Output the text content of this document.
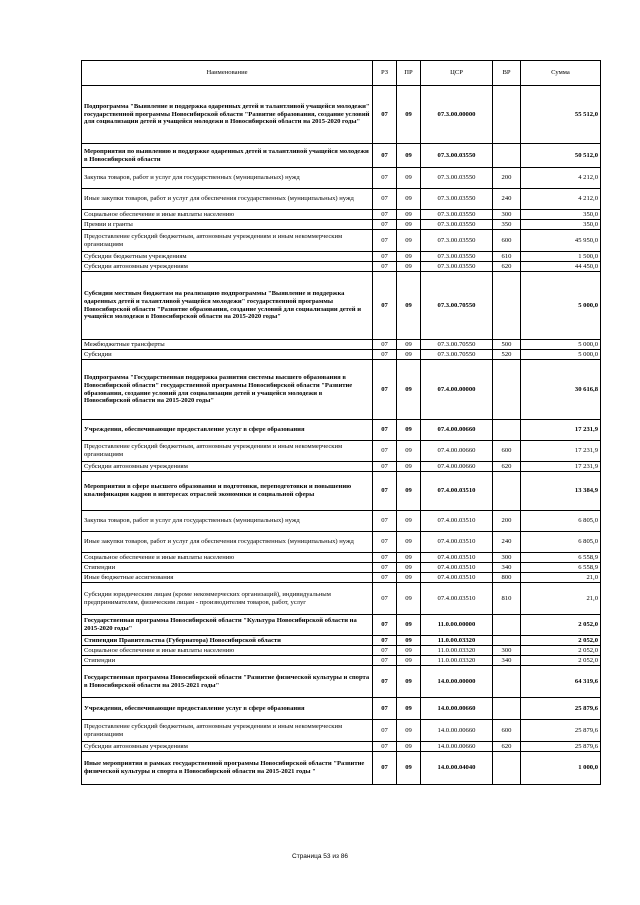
Наименование	РЗ	ПР	ЦСР	ВР	Сумма
Подпрограмма "Выявление и поддержка одаренных детей и талантливой учащейся молодежи" государственной программы Новосибирской области "Развитие образования, создание условий для социализации детей и учащейся молодежи в Новосибирской области на 2015-2020 годы"	07	09	07.3.00.00000		55 512,0
Мероприятия по выявлению и поддержке одаренных детей и талантливой учащейся молодежи в Новосибирской области	07	09	07.3.00.03550		50 512,0
Закупка товаров, работ и услуг для государственных (муниципальных) нужд	07	09	07.3.00.03550	200	4 212,0
Иные закупки товаров, работ и услуг для обеспечения государственных (муниципальных) нужд	07	09	07.3.00.03550	240	4 212,0
Социальное обеспечение и иные выплаты населению	07	09	07.3.00.03550	300	350,0
Премии и гранты	07	09	07.3.00.03550	350	350,0
Предоставление субсидий бюджетным, автономным учреждениям и иным некоммерческим организациям	07	09	07.3.00.03550	600	45 950,0
Субсидии бюджетным учреждениям	07	09	07.3.00.03550	610	1 500,0
Субсидии автономным учреждениям	07	09	07.3.00.03550	620	44 450,0
Субсидии местным бюджетам на реализацию подпрограммы "Выявление и поддержка одаренных детей и талантливой учащейся молодежи" государственной программы Новосибирской области "Развитие образования, создание условий для социализации детей и учащейся молодежи в Новосибирской области на 2015-2020 годы"	07	09	07.3.00.70550		5 000,0
Межбюджетные трансферты	07	09	07.3.00.70550	500	5 000,0
Субсидии	07	09	07.3.00.70550	520	5 000,0
Подпрограмма "Государственная поддержка развития системы высшего образования в Новосибирской области" государственной программы Новосибирской области "Развитие образования, создание условий для социализации детей и учащейся молодежи в Новосибирской области на 2015-2020 годы"	07	09	07.4.00.00000		30 616,8
Учреждения, обеспечивающие предоставление услуг в сфере образования	07	09	07.4.00.00660		17 231,9
Предоставление субсидий бюджетным, автономным учреждениям и иным некоммерческим организациям	07	09	07.4.00.00660	600	17 231,9
Субсидии автономным учреждениям	07	09	07.4.00.00660	620	17 231,9
Мероприятия в сфере высшего образования и подготовки, переподготовки и повышению квалификации кадров в интересах отраслей экономики и социальной сферы	07	09	07.4.00.03510		13 384,9
Закупка товаров, работ и услуг для государственных (муниципальных) нужд	07	09	07.4.00.03510	200	6 805,0
Иные закупки товаров, работ и услуг для обеспечения государственных (муниципальных) нужд	07	09	07.4.00.03510	240	6 805,0
Социальное обеспечение и иные выплаты населению	07	09	07.4.00.03510	300	6 558,9
Стипендии	07	09	07.4.00.03510	340	6 558,9
Иные бюджетные ассигнования	07	09	07.4.00.03510	800	21,0
Субсидии юридическим лицам (кроме некоммерческих организаций), индивидуальным предпринимателям, физическим лицам - производителям товаров, работ, услуг	07	09	07.4.00.03510	810	21,0
Государственная программа Новосибирской области "Культура Новосибирской области на 2015-2020 годы"	07	09	11.0.00.00000		2 052,0
Стипендии Правительства (Губернатора) Новосибирской области	07	09	11.0.00.03320		2 052,0
Социальное обеспечение и иные выплаты населению	07	09	11.0.00.03320	300	2 052,0
Стипендии	07	09	11.0.00.03320	340	2 052,0
Государственная программа Новосибирской области "Развитие физической культуры и спорта в Новосибирской области на 2015-2021 годы"	07	09	14.0.00.00000		64 319,6
Учреждения, обеспечивающие предоставление услуг в сфере образования	07	09	14.0.00.00660		25 879,6
Предоставление субсидий бюджетным, автономным учреждениям и иным некоммерческим организациям	07	09	14.0.00.00660	600	25 879,6
Субсидии автономным учреждениям	07	09	14.0.00.00660	620	25 879,6
Иные мероприятия в рамках государственной программы Новосибирской области "Развитие физической культуры и спорта в Новосибирской области на 2015-2021 годы "	07	09	14.0.00.04040		1 000,0
Страница 53 из 86
